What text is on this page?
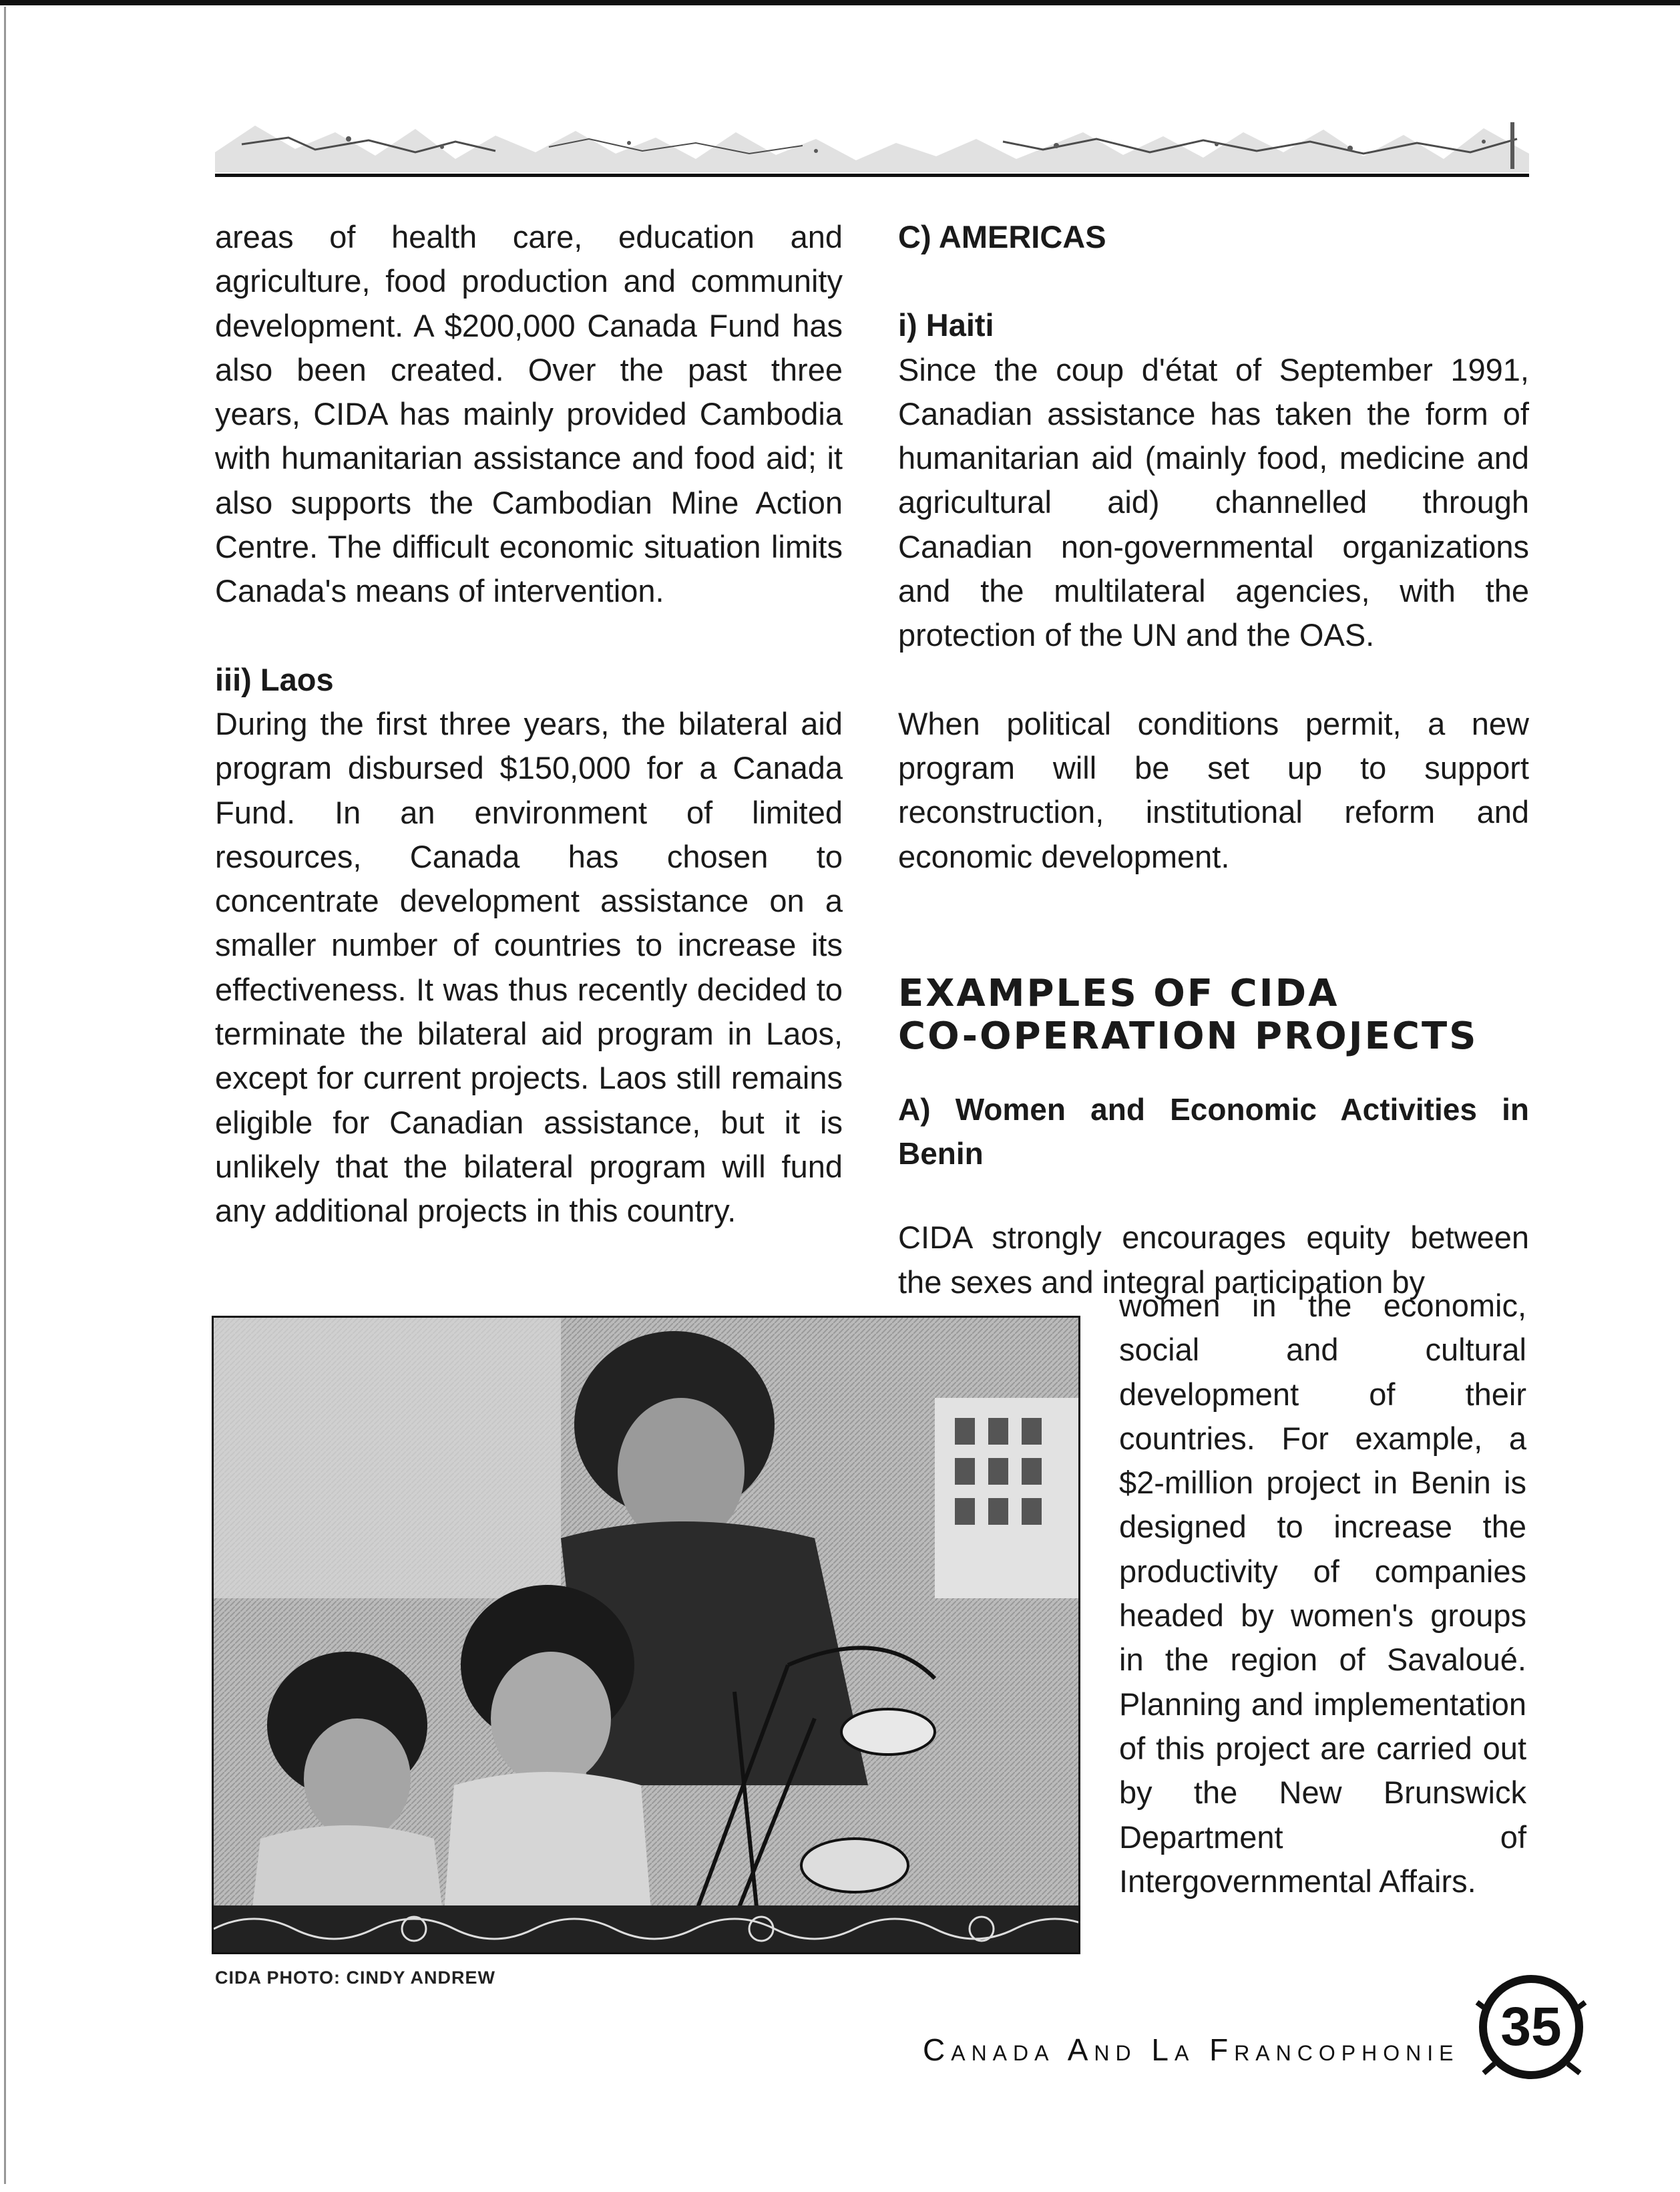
areas of health care, education and agriculture, food production and community development. A $200,000 Canada Fund has also been created. Over the past three years, CIDA has mainly provided Cambodia with humanitarian assistance and food aid; it also supports the Cambodian Mine Action Centre. The difficult economic situation limits Canada's means of intervention.

iii) Laos

During the first three years, the bilateral aid program disbursed $150,000 for a Canada Fund. In an environment of limited resources, Canada has chosen to concentrate development assistance on a smaller number of countries to increase its effectiveness. It was thus recently decided to terminate the bilateral aid program in Laos, except for current projects. Laos still remains eligible for Canadian assistance, but it is unlikely that the bilateral program will fund any additional projects in this country.

C) AMERICAS

i) Haiti

Since the coup d'état of September 1991, Canadian assistance has taken the form of humanitarian aid (mainly food, medicine and agricultural aid) channelled through Canadian non-governmental organizations and the multilateral agencies, with the protection of the UN and the OAS.

When political conditions permit, a new program will be set up to support reconstruction, institutional reform and economic development.

EXAMPLES OF CIDA

CO-OPERATION PROJECTS

A) Women and Economic Activities in Benin

CIDA strongly encourages equity between the sexes and integral participation by

women in the economic, social and cultural development of their countries. For example, a $2-million project in Benin is designed to increase the productivity of companies headed by women's groups in the region of Savaloué. Planning and implementation of this project are carried out by the New Brunswick Department of Intergovernmental Affairs.
CIDA PHOTO: CINDY ANDREW
Canada And La Francophonie 35
